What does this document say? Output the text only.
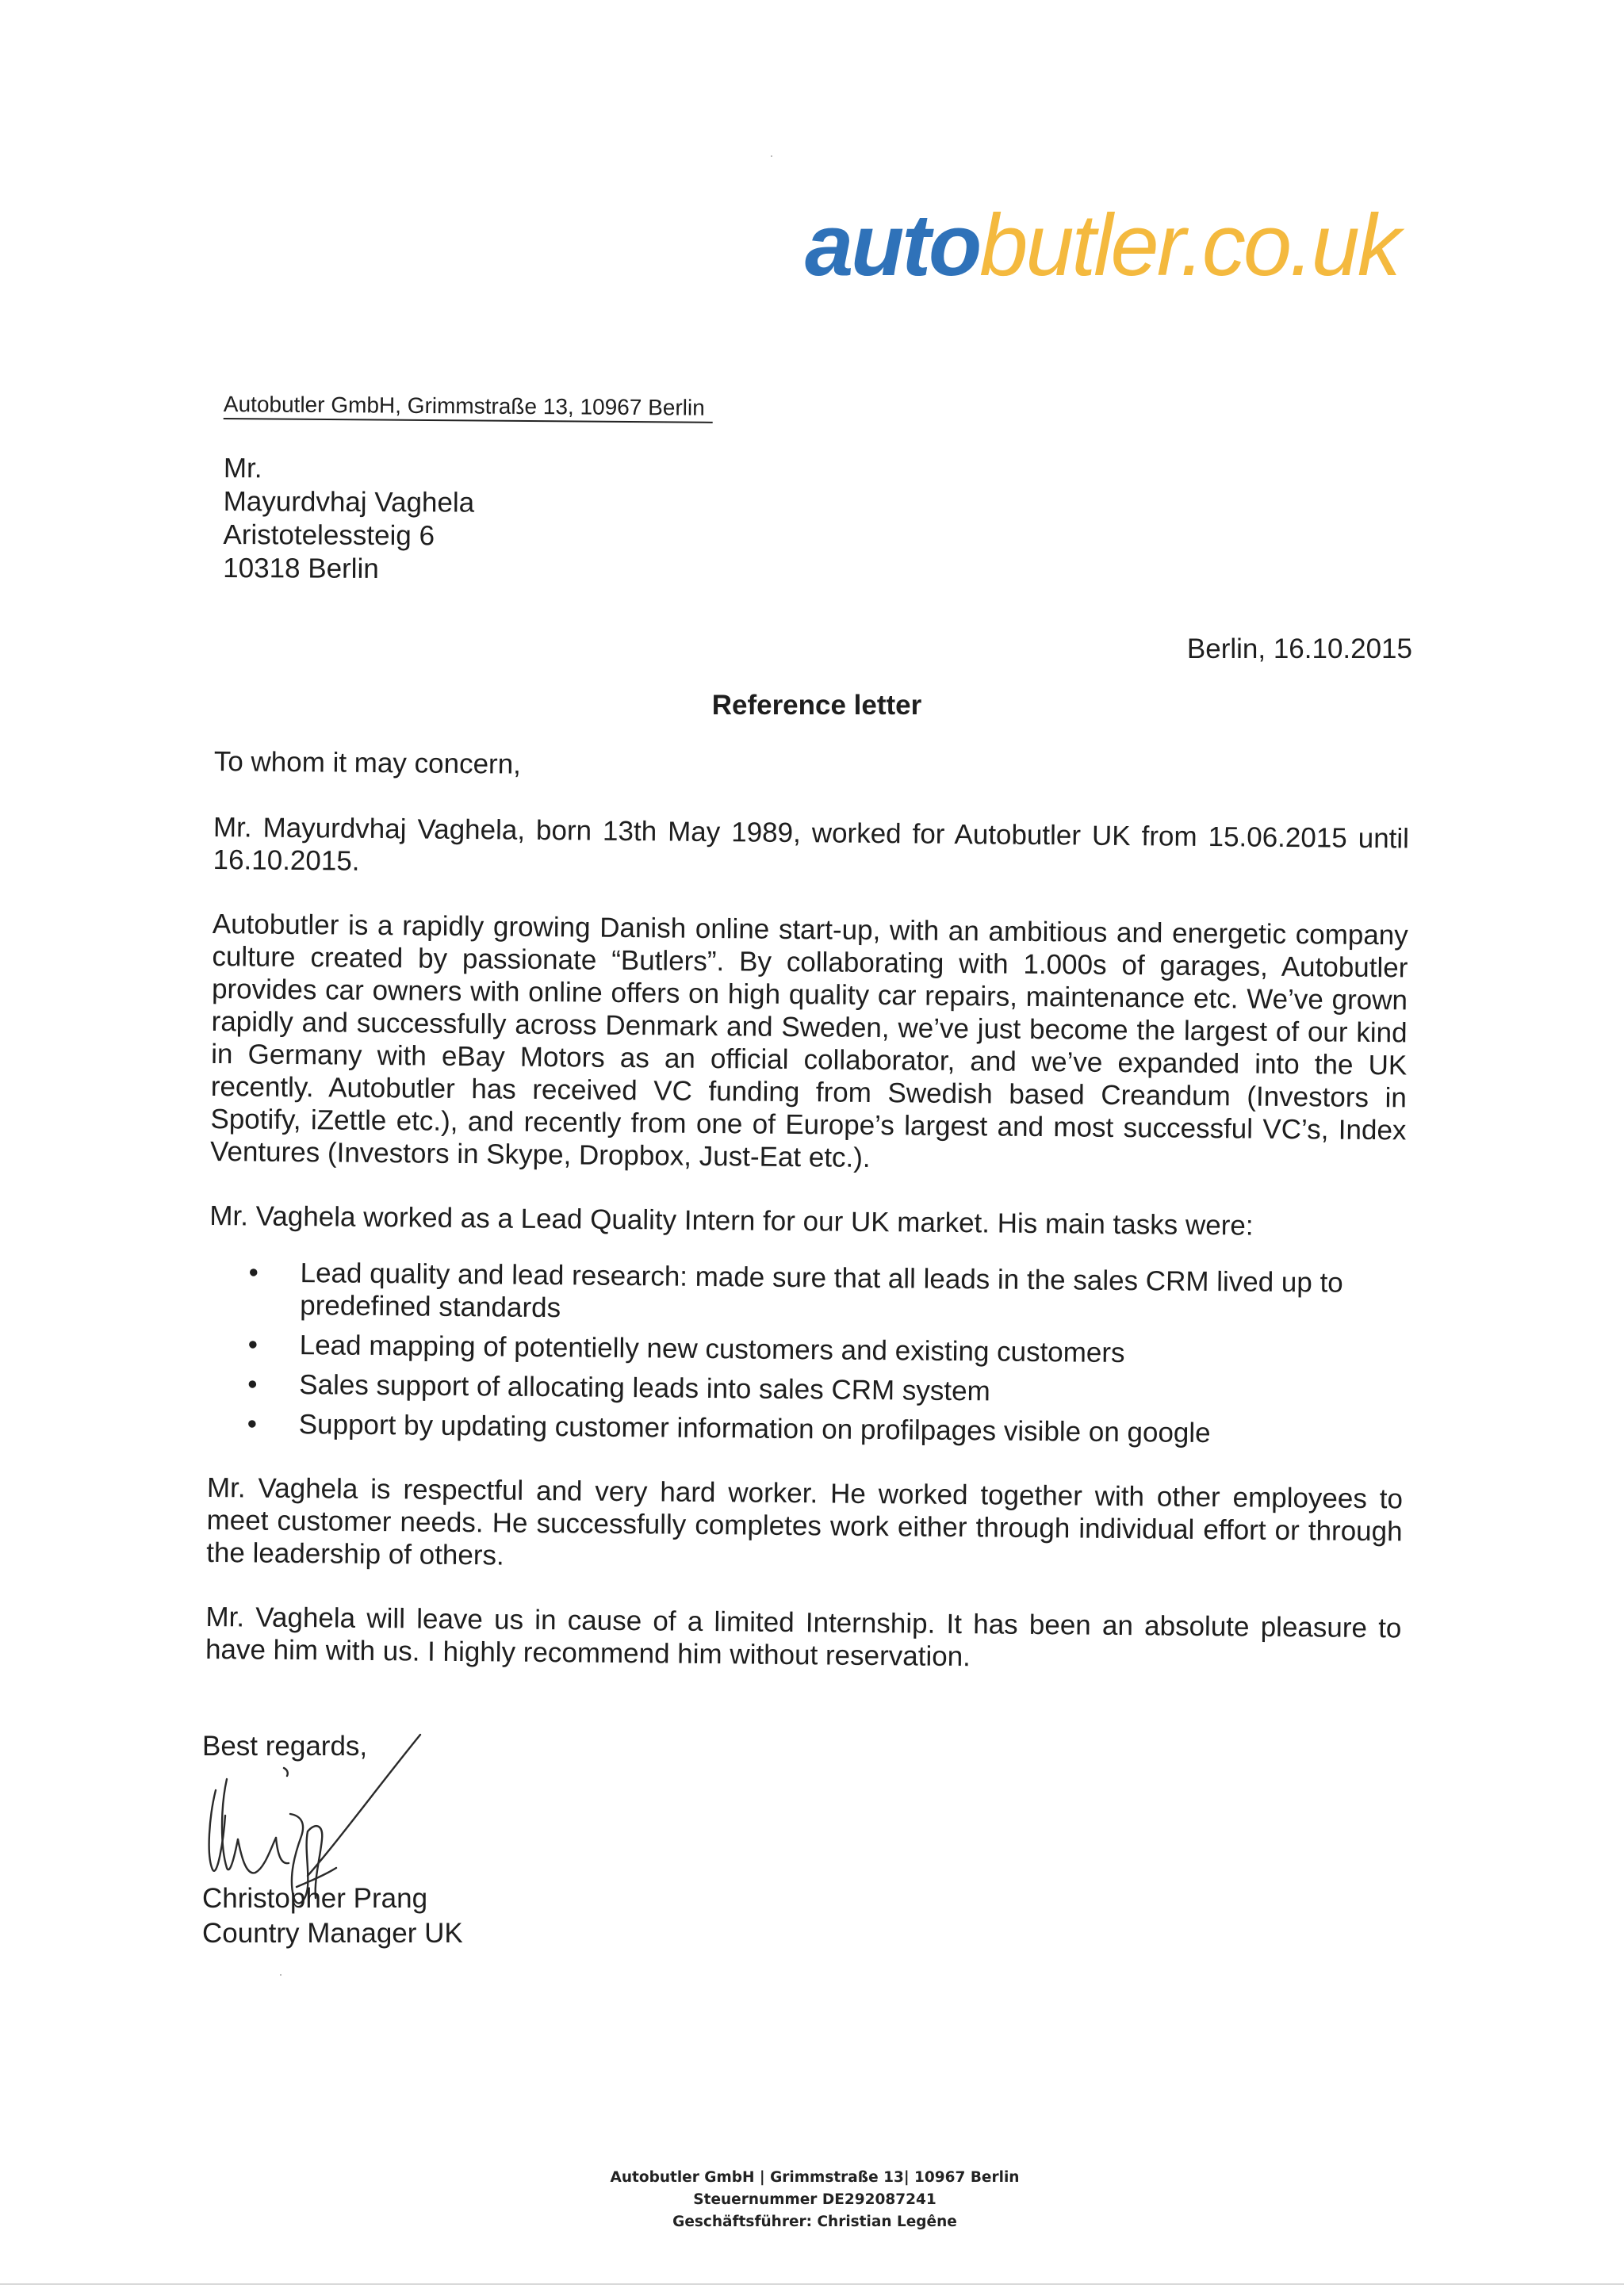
autobutler.co.uk
Autobutler GmbH, Grimmstraße 13, 10967 Berlin
Mr.
Mayurdvhaj Vaghela
Aristotelessteig 6
10318 Berlin
Berlin, 16.10.2015
Reference letter

To whom it may concern,

Mr. Mayurdvhaj Vaghela, born 13th May 1989, worked for Autobutler UK from 15.06.2015 until 16.10.2015.

Autobutler is a rapidly growing Danish online start-up, with an ambitious and energetic company culture created by passionate “Butlers”. By collaborating with 1.000s of garages, Autobutler provides car owners with online offers on high quality car repairs, maintenance etc. We’ve grown rapidly and successfully across Denmark and Sweden, we’ve just become the largest of our kind in Germany with eBay Motors as an official collaborator, and we’ve expanded into the UK recently. Autobutler has received VC funding from Swedish based Creandum (Investors in Spotify, iZettle etc.), and recently from one of Europe’s largest and most successful VC’s, Index Ventures (Investors in Skype, Dropbox, Just-Eat etc.).

Mr. Vaghela worked as a Lead Quality Intern for our UK market. His main tasks were:

• Lead quality and lead research: made sure that all leads in the sales CRM lived up to predefined standards
• Lead mapping of potentielly new customers and existing customers
• Sales support of allocating leads into sales CRM system
• Support by updating customer information on profilpages visible on google

Mr. Vaghela is respectful and very hard worker. He worked together with other employees to meet customer needs. He successfully completes work either through individual effort or through the leadership of others.

Mr. Vaghela will leave us in cause of a limited Internship. It has been an absolute pleasure to have him with us. I highly recommend him without reservation.

Best regards,
Christopher Prang
Country Manager UK
Autobutler GmbH | Grimmstraße 13| 10967 Berlin
Steuernummer DE292087241
Geschäftsführer: Christian Legêne
